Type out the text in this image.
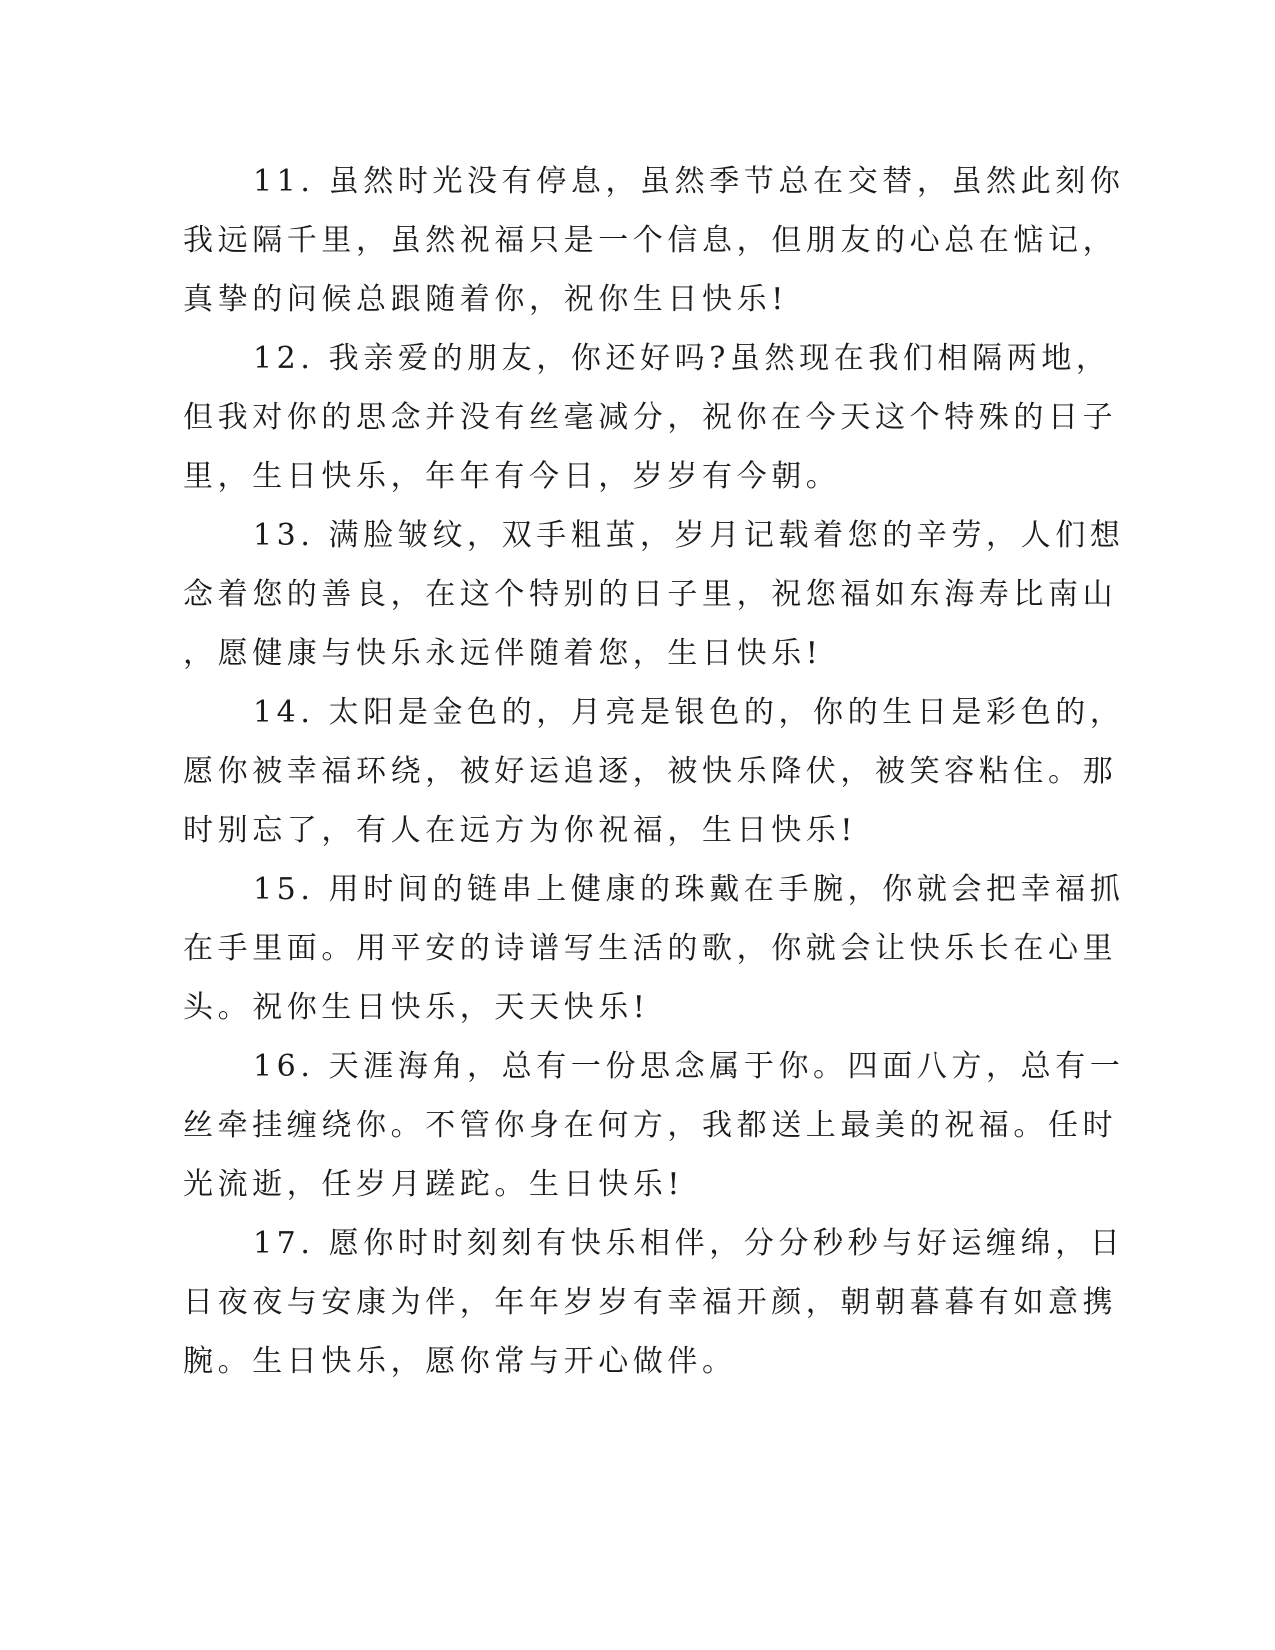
11. 虽然时光没有停息，虽然季节总在交替，虽然此刻你
我远隔千里，虽然祝福只是一个信息，但朋友的心总在惦记，
真挚的问候总跟随着你，祝你生日快乐!
12. 我亲爱的朋友，你还好吗?虽然现在我们相隔两地，
但我对你的思念并没有丝毫减分，祝你在今天这个特殊的日子
里，生日快乐，年年有今日，岁岁有今朝。
13. 满脸皱纹，双手粗茧，岁月记载着您的辛劳，人们想
念着您的善良，在这个特别的日子里，祝您福如东海寿比南山
，愿健康与快乐永远伴随着您，生日快乐!
14. 太阳是金色的，月亮是银色的，你的生日是彩色的，
愿你被幸福环绕，被好运追逐，被快乐降伏，被笑容粘住。那
时别忘了，有人在远方为你祝福，生日快乐!
15. 用时间的链串上健康的珠戴在手腕，你就会把幸福抓
在手里面。用平安的诗谱写生活的歌，你就会让快乐长在心里
头。祝你生日快乐，天天快乐!
16. 天涯海角，总有一份思念属于你。四面八方，总有一
丝牵挂缠绕你。不管你身在何方，我都送上最美的祝福。任时
光流逝，任岁月蹉跎。生日快乐!
17. 愿你时时刻刻有快乐相伴，分分秒秒与好运缠绵，日
日夜夜与安康为伴，年年岁岁有幸福开颜，朝朝暮暮有如意携
腕。生日快乐，愿你常与开心做伴。
